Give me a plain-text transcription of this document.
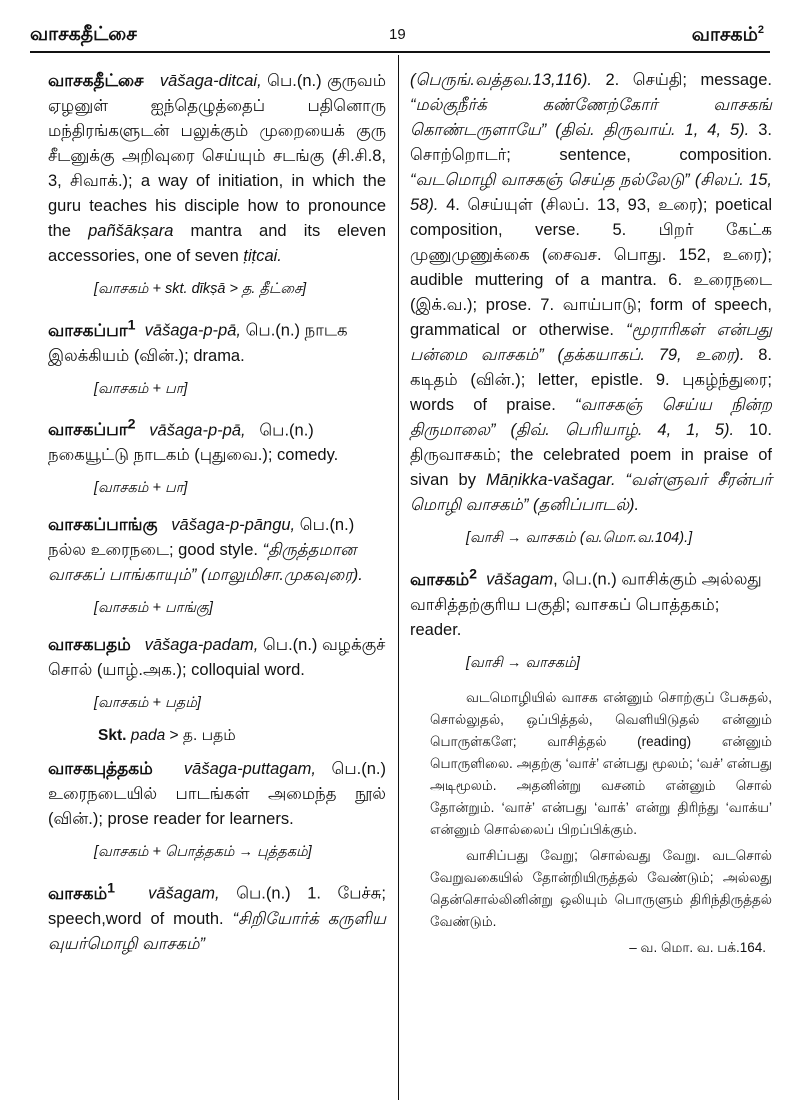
வாசகதீட்சை	19	வாசகம்$^2$
வாசகதீட்சை vāšaga-ditcai, பெ.(n.) குருவம் ஏழனுள் ஐந்தெழுத்தைப் பதினொரு மந்திரங்களுடன் பலுக்கும் முறையைக் குரு சீடனுக்கு அறிவுரை செய்யும் சடங்கு (சி.சி.8, 3, சிவாக்.); a way of initiation, in which the guru teaches his disciple how to pronounce the pañšākṣara mantra and its eleven accessories, one of seven ṭiṭcai.
[வாசகம் + skt. dīkṣā > த. தீட்சை]
வாசகப்பா$^1$ vāšaga-p-pā, பெ.(n.) நாடக இலக்கியம் (வின்.); drama.
[வாசகம் + பா]
வாசகப்பா$^2$ vāšaga-p-pā, பெ.(n.) நகையூட்டு நாடகம் (புதுவை.); comedy.
[வாசகம் + பா]
வாசகப்பாங்கு vāšaga-p-pāngu, பெ.(n.) நல்ல உரைநடை; good style. “திருத்தமான வாசகப் பாங்காயும்” (மாலுமிசா.முகவுரை).
[வாசகம் + பாங்கு]
வாசகபதம் vāšaga-padam, பெ.(n.) வழக்குச் சொல் (யாழ்.அக.); colloquial word.
[வாசகம் + பதம்]
Skt. pada > த. பதம்
வாசகபுத்தகம் vāšaga-puttagam, பெ.(n.) உரைநடையில் பாடங்கள் அமைந்த நூல் (வின்.); prose reader for learners.
[வாசகம் + பொத்தகம் → புத்தகம்]
வாசகம்$^1$ vāšagam, பெ.(n.) 1. பேச்சு; speech,word of mouth. “சிறியோர்க் கருளிய வுயர்மொழி வாசகம்”
(பெருங்.வத்தவ.13,116). 2. செய்தி; message. “மல்குநீர்க் கண்ணேற்கோர் வாசகங் கொண்டருளாயே” (திவ். திருவாய். 1, 4, 5). 3. சொற்றொடர்; sentence, composition. “வடமொழி வாசகஞ் செய்த நல்லேடு” (சிலப். 15, 58). 4. செய்யுள் (சிலப். 13, 93, உரை); poetical composition, verse. 5. பிறர் கேட்க முணுமுணுக்கை (சைவச. பொது. 152, உரை); audible muttering of a mantra. 6. உரைநடை (இக்.வ.); prose. 7. வாய்பாடு; form of speech, grammatical or otherwise. “மூராரிகள் என்பது பன்மை வாசகம்” (தக்கயாகப். 79, உரை). 8. கடிதம் (வின்.); letter, epistle. 9. புகழ்ந்துரை; words of praise. “வாசகஞ் செய்ய நின்ற திருமாலை” (திவ். பெரியாழ். 4, 1, 5). 10. திருவாசகம்; the celebrated poem in praise of sivan by Māṇikka-vašagar. “வள்ளுவர் சீரன்பர் மொழி வாசகம்” (தனிப்பாடல்).
[வாசி → வாசகம் (வ.மொ.வ.104).]
வாசகம்$^2$ vāšagam, பெ.(n.) வாசிக்கும் அல்லது வாசித்தற்குரிய பகுதி; வாசகப் பொத்தகம்; reader.
[வாசி → வாசகம்]

வடமொழியில் வாசக என்னும் சொற்குப் பேசுதல், சொல்லுதல், ஒப்பித்தல், வெளியிடுதல் என்னும் பொருள்களே; வாசித்தல் (reading) என்னும் பொருளிலை. அதற்கு ‘வாச்’ என்பது மூலம்; ‘வச்’ என்பது அடிமூலம். அதனின்று வசனம் என்னும் சொல் தோன்றும். ‘வாச்’ என்பது ‘வாக்’ என்று திரிந்து ‘வாக்ய’ என்னும் சொல்லைப் பிறப்பிக்கும்.

வாசிப்பது வேறு; சொல்வது வேறு. வடசொல் வேறுவகையில் தோன்றியிருத்தல் வேண்டும்; அல்லது தென்சொல்லினின்று ஒலியும் பொருளும் திரிந்திருத்தல் வேண்டும்.

– வ. மொ. வ. பக்.164.
